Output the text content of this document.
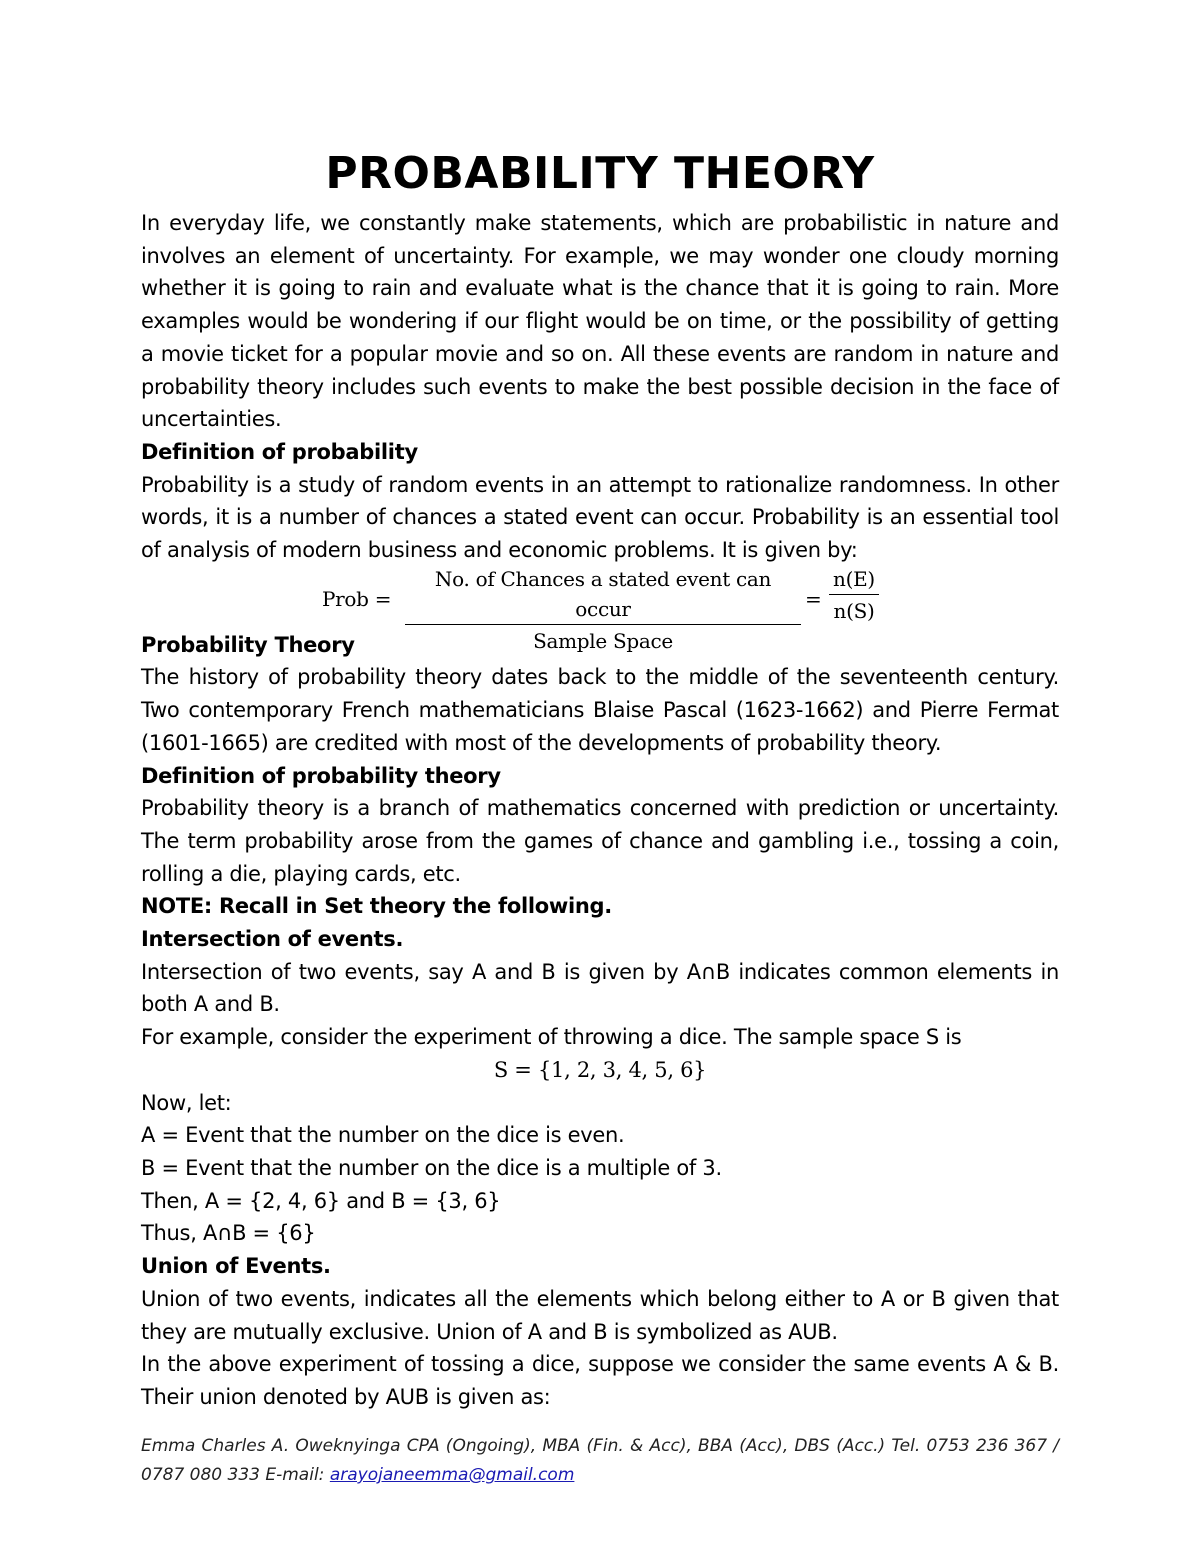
PROBABILITY THEORY

In everyday life, we constantly make statements, which are probabilistic in nature and involves an element of uncertainty. For example, we may wonder one cloudy morning whether it is going to rain and evaluate what is the chance that it is going to rain. More examples would be wondering if our flight would be on time, or the possibility of getting a movie ticket for a popular movie and so on. All these events are random in nature and probability theory includes such events to make the best possible decision in the face of uncertainties.

Definition of probability

Probability is a study of random events in an attempt to rationalize randomness. In other words, it is a number of chances a stated event can occur. Probability is an essential tool of analysis of modern business and economic problems. It is given by:

Prob =
No. of Chances a stated event can occur
Sample Space
= $\frac{n(E)}{n(S)}$

Probability Theory

The history of probability theory dates back to the middle of the seventeenth century. Two contemporary French mathematicians Blaise Pascal (1623-1662) and Pierre Fermat (1601-1665) are credited with most of the developments of probability theory.

Definition of probability theory

Probability theory is a branch of mathematics concerned with prediction or uncertainty. The term probability arose from the games of chance and gambling i.e., tossing a coin, rolling a die, playing cards, etc.

NOTE: Recall in Set theory the following.

Intersection of events.

Intersection of two events, say A and B is given by A∩B indicates common elements in both A and B.

For example, consider the experiment of throwing a dice. The sample space S is

S = {1, 2, 3, 4, 5, 6}

Now, let:

A = Event that the number on the dice is even.

B = Event that the number on the dice is a multiple of 3.

Then, A = {2, 4, 6} and B = {3, 6}

Thus, A∩B = {6}

Union of Events.

Union of two events, indicates all the elements which belong either to A or B given that they are mutually exclusive. Union of A and B is symbolized as AUB.

In the above experiment of tossing a dice, suppose we consider the same events A & B. Their union denoted by AUB is given as:

Emma Charles A. Oweknyinga CPA (Ongoing), MBA (Fin. & Acc), BBA (Acc), DBS (Acc.) Tel. 0753 236 367 / 0787 080 333 E-mail: arayojaneemma@gmail.com
